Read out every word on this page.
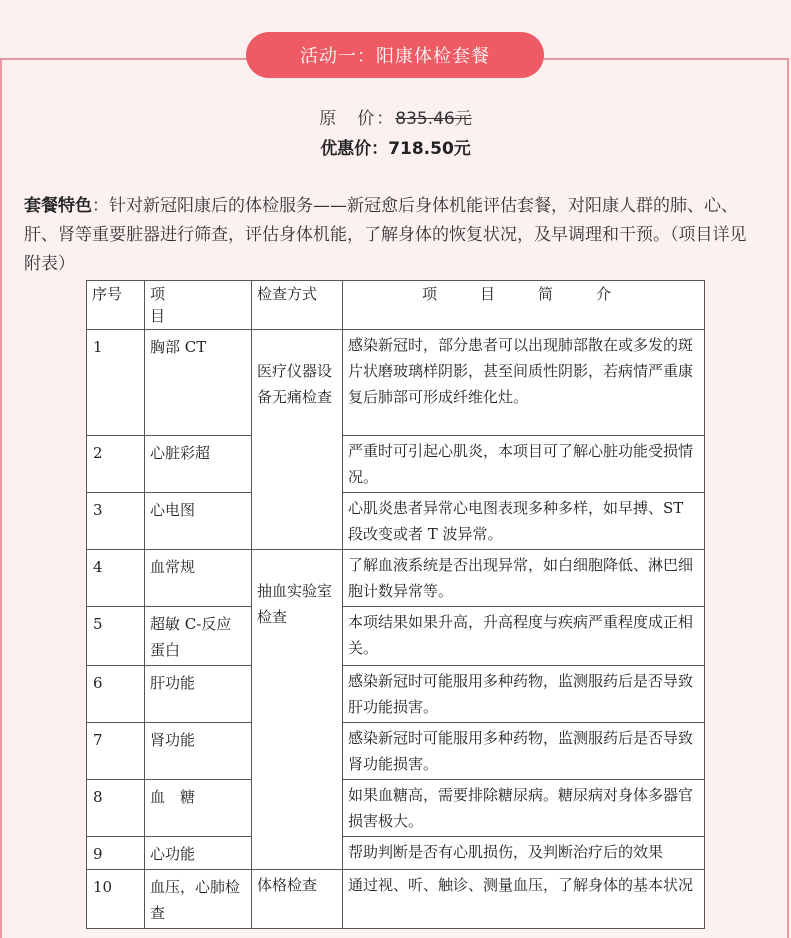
活动一：阳康体检套餐
原　价：835.46元
优惠价：718.50元
套餐特色：针对新冠阳康后的体检服务——新冠愈后身体机能评估套餐，对阳康人群的肺、心、肝、肾等重要脏器进行筛查，评估身体机能，了解身体的恢复状况，及早调理和干预。（项目详见附表）
序号	项　目	检查方式	项　目　简　介
1	胸部 CT	医疗仪器设备无痛检查	感染新冠时，部分患者可以出现肺部散在或多发的斑片状磨玻璃样阴影，甚至间质性阴影，若病情严重康复后肺部可形成纤维化灶。
2	心脏彩超		严重时可引起心肌炎，本项目可了解心脏功能受损情况。
3	心电图		心肌炎患者异常心电图表现多种多样，如早搏、ST 段改变或者 T 波异常。
4	血常规	抽血实验室检查	了解血液系统是否出现异常，如白细胞降低、淋巴细胞计数异常等。
5	超敏 C-反应蛋白		本项结果如果升高，升高程度与疾病严重程度成正相关。
6	肝功能		感染新冠时可能服用多种药物，监测服药后是否导致肝功能损害。
7	肾功能		感染新冠时可能服用多种药物，监测服药后是否导致肾功能损害。
8	血　糖		如果血糖高，需要排除糖尿病。糖尿病对身体多器官损害极大。
9	心功能		帮助判断是否有心肌损伤，及判断治疗后的效果
10	血压，心肺检查	体格检查	通过视、听、触诊、测量血压，了解身体的基本状况
